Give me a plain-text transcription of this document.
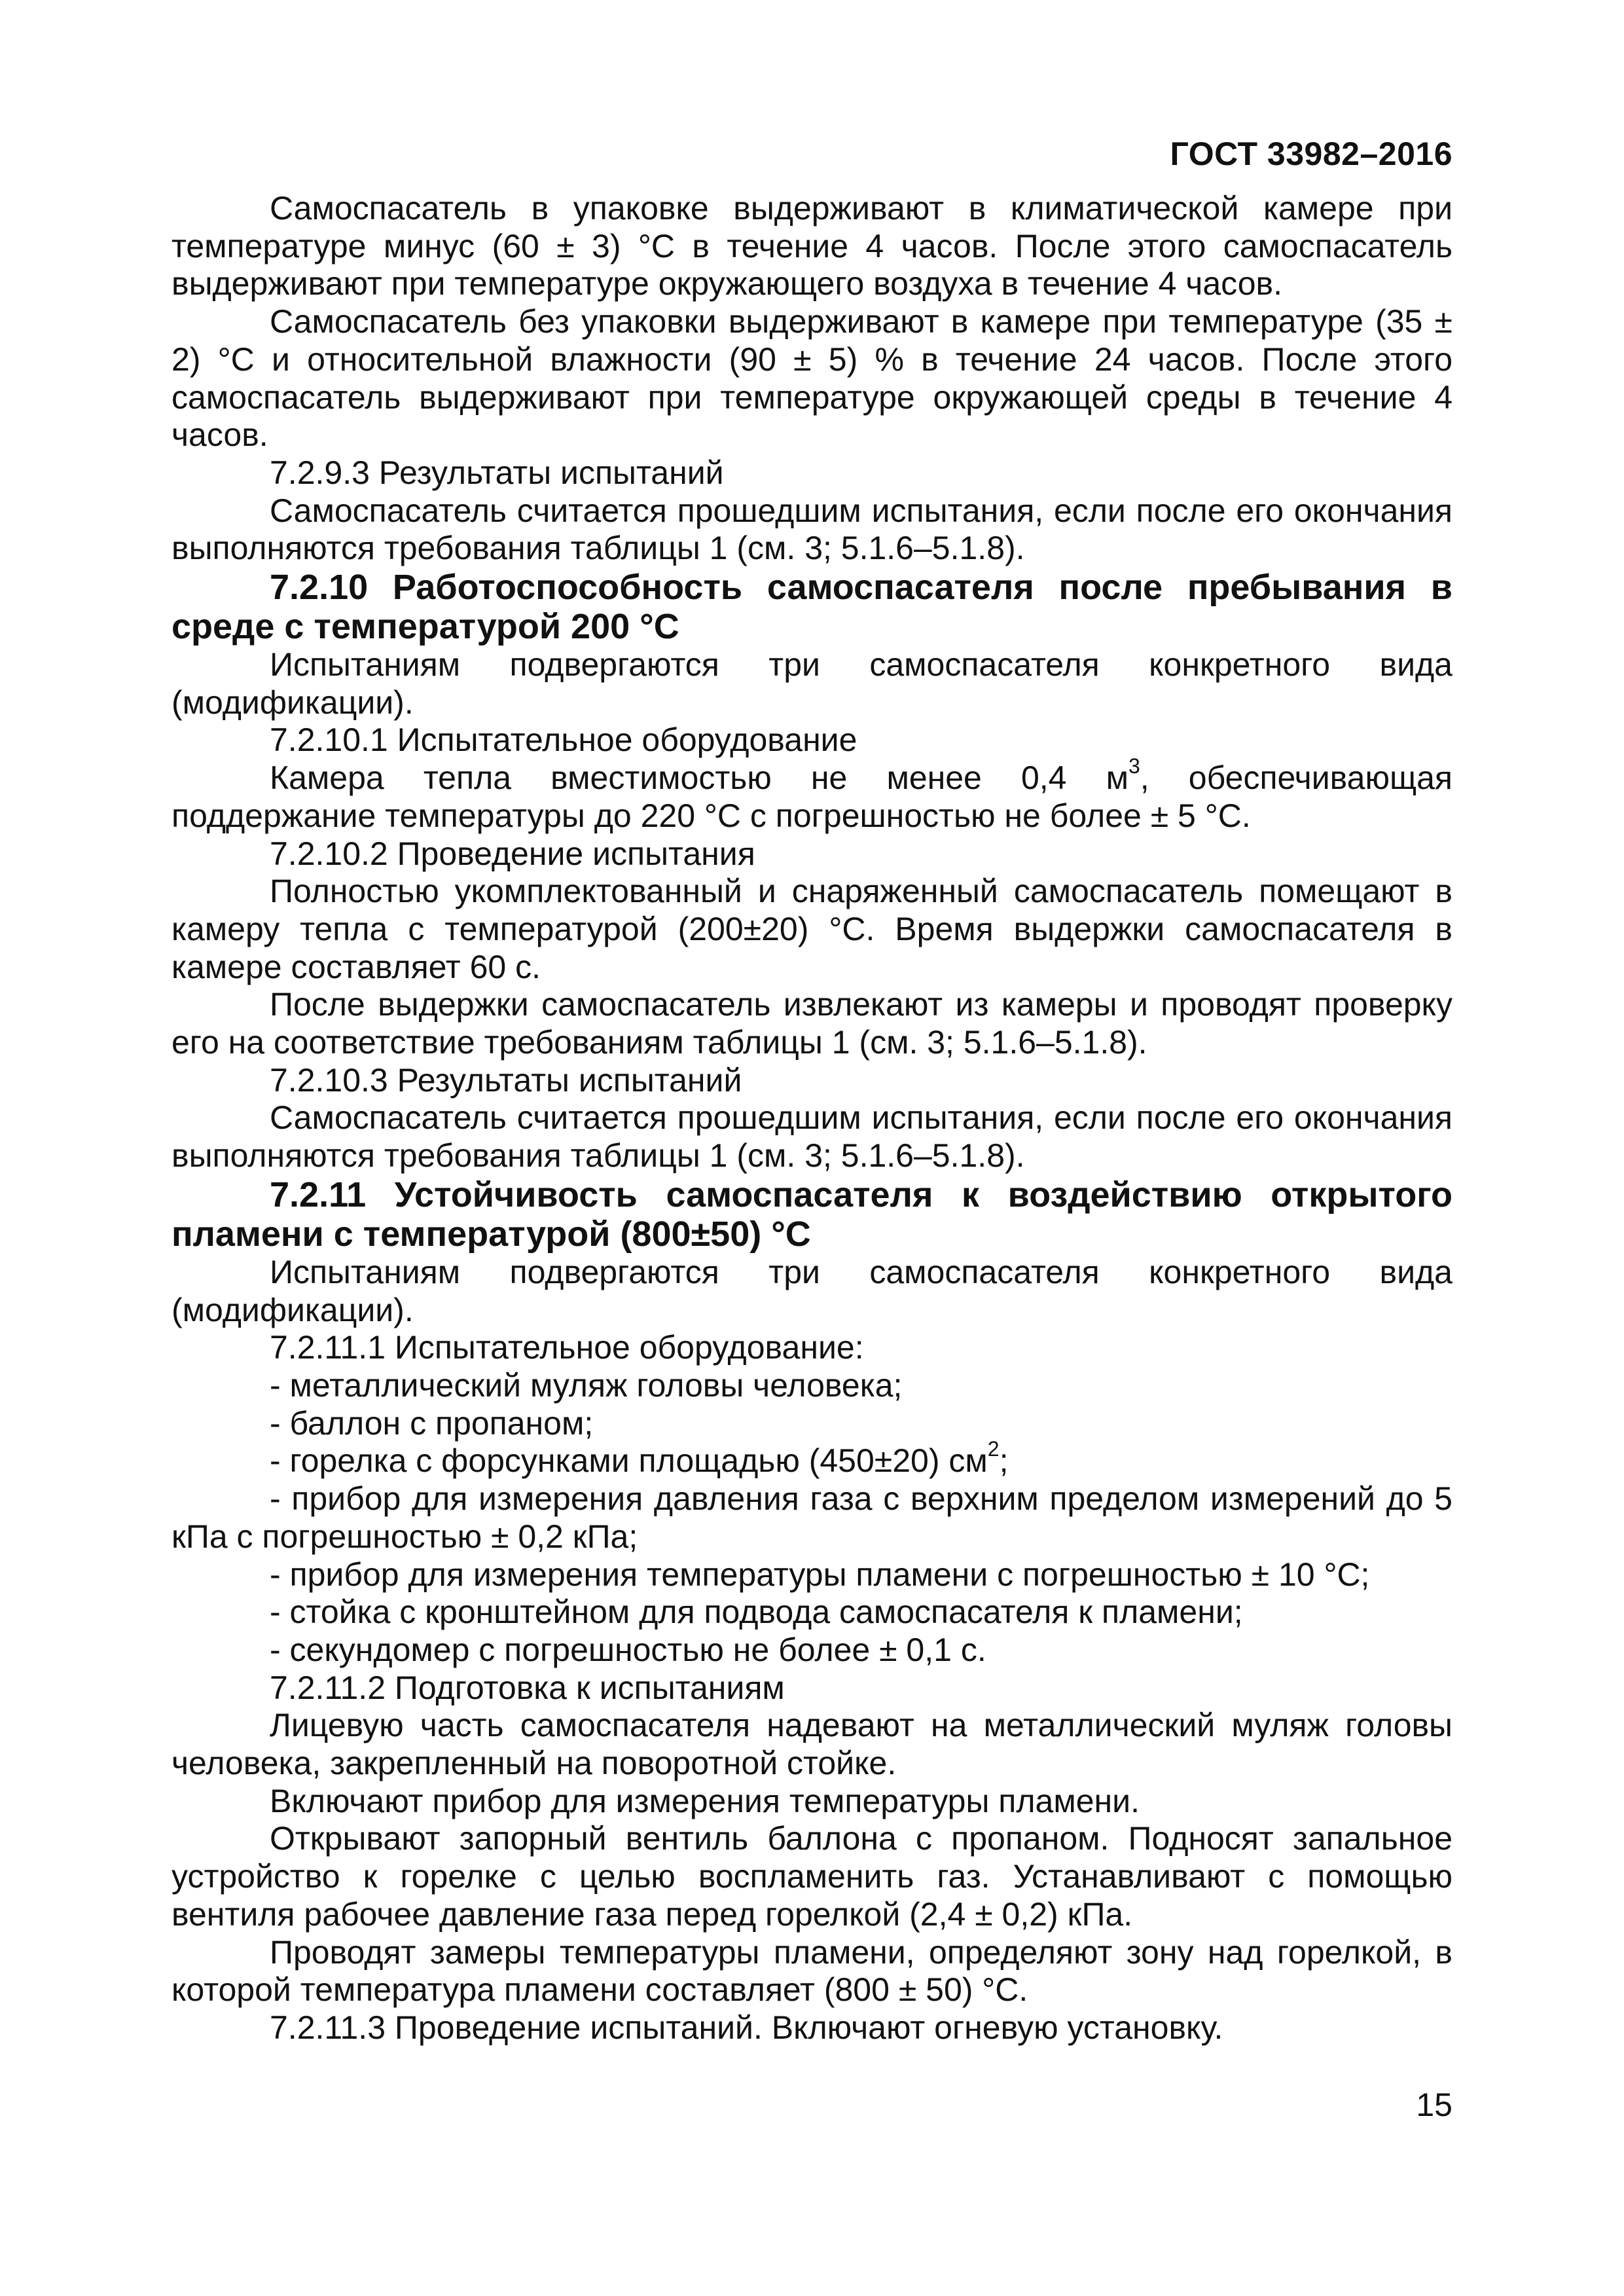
ГОСТ 33982–2016

Самоспасатель в упаковке выдерживают в климатической камере при температуре минус (60 ± 3) °С в течение 4 часов. После этого самоспасатель выдерживают при температуре окружающего воздуха в течение 4 часов.

Самоспасатель без упаковки выдерживают в камере при температуре (35 ± 2) °С и относительной влажности (90 ± 5) % в течение 24 часов. После этого самоспасатель выдерживают при температуре окружающей среды в течение 4 часов.

7.2.9.3 Результаты испытаний

Самоспасатель считается прошедшим испытания, если после его окончания выполняются требования таблицы 1 (см. 3; 5.1.6–5.1.8).

7.2.10 Работоспособность самоспасателя после пребывания в среде с температурой 200 °С

Испытаниям подвергаются три самоспасателя конкретного вида (модификации).

7.2.10.1 Испытательное оборудование

Камера тепла вместимостью не менее 0,4 $м^3$, обеспечивающая поддержание температуры до 220 °С с погрешностью не более ± 5 °С.

7.2.10.2 Проведение испытания

Полностью укомплектованный и снаряженный самоспасатель помещают в камеру тепла с температурой (200±20) °С. Время выдержки самоспасателя в камере составляет 60 с.

После выдержки самоспасатель извлекают из камеры и проводят проверку его на соответствие требованиям таблицы 1 (см. 3; 5.1.6–5.1.8).

7.2.10.3 Результаты испытаний

Самоспасатель считается прошедшим испытания, если после его окончания выполняются требования таблицы 1 (см. 3; 5.1.6–5.1.8).

7.2.11 Устойчивость самоспасателя к воздействию открытого пламени с температурой (800±50) °С

Испытаниям подвергаются три самоспасателя конкретного вида (модификации).

7.2.11.1 Испытательное оборудование:

- металлический муляж головы человека;

- баллон с пропаном;

- горелка с форсунками площадью (450±20) $см^2$;

- прибор для измерения давления газа с верхним пределом измерений до 5 кПа с погрешностью ± 0,2 кПа;

- прибор для измерения температуры пламени с погрешностью ± 10 °С;

- стойка с кронштейном для подвода самоспасателя к пламени;

- секундомер с погрешностью не более ± 0,1 с.

7.2.11.2 Подготовка к испытаниям

Лицевую часть самоспасателя надевают на металлический муляж головы человека, закрепленный на поворотной стойке.

Включают прибор для измерения температуры пламени.

Открывают запорный вентиль баллона с пропаном. Подносят запальное устройство к горелке с целью воспламенить газ. Устанавливают с помощью вентиля рабочее давление газа перед горелкой (2,4 ± 0,2) кПа.

Проводят замеры температуры пламени, определяют зону над горелкой, в которой температура пламени составляет (800 ± 50) °С.

7.2.11.3 Проведение испытаний. Включают огневую установку.

15
